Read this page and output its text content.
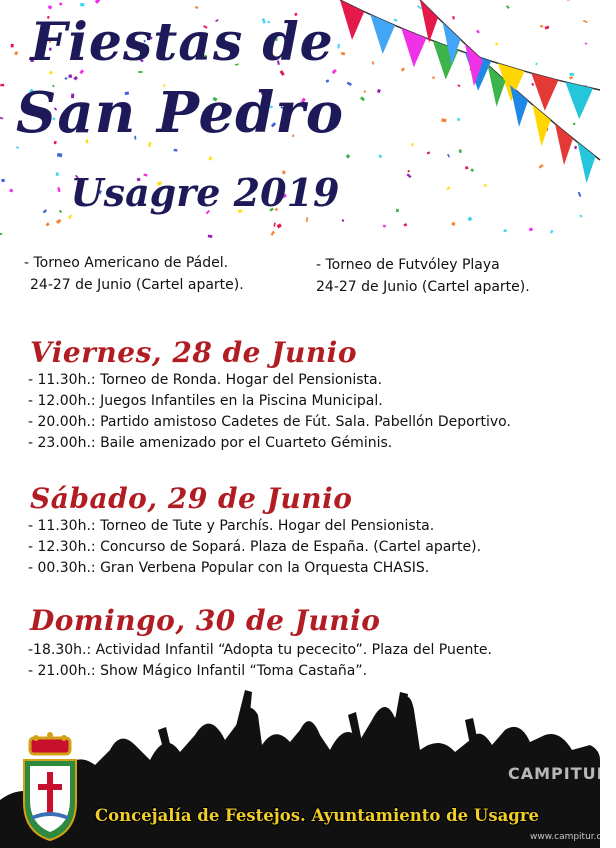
Fiestas de
San Pedro
Usagre 2019
- Torneo Americano de Pádel.
24-27 de Junio (Cartel aparte).
- Torneo de Futvóley Playa
24-27 de Junio (Cartel aparte).
Viernes, 28 de Junio
- 11.30h.: Torneo de Ronda. Hogar del Pensionista.
- 12.00h.: Juegos Infantiles en la Piscina Municipal.
- 20.00h.: Partido amistoso Cadetes de Fút. Sala. Pabellón Deportivo.
- 23.00h.: Baile amenizado por el Cuarteto Géminis.
Sábado, 29 de Junio
- 11.30h.: Torneo de Tute y Parchís. Hogar del Pensionista.
- 12.30h.: Concurso de Sopará. Plaza de España. (Cartel aparte).
- 00.30h.: Gran Verbena Popular con la Orquesta CHASIS.
Domingo, 30 de Junio
-18.30h.: Actividad Infantil “Adopta tu pececito”. Plaza del Puente.
- 21.00h.: Show Mágico Infantil “Toma Castaña”.
Concejalía de Festejos. Ayuntamiento de Usagre
CAMPITUR
www.campitur.com
